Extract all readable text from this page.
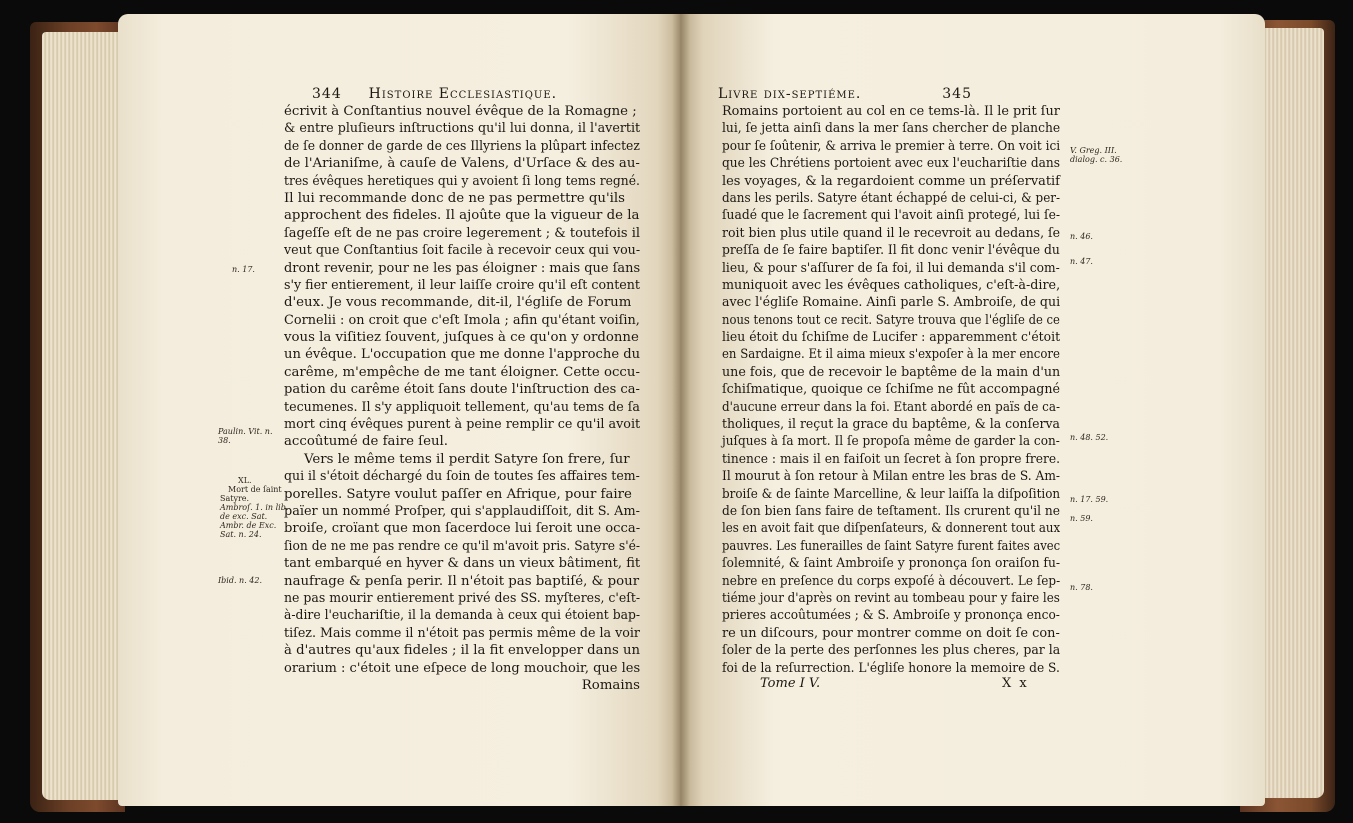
344 Histoire Ecclesiastique.	Livre dix-septiéme.	345
écrivit à Conſtantius nouvel évêque de la Romagne ;
& entre pluſieurs inſtructions qu'il lui donna, il l'avertit
de ſe donner de garde de ces Illyriens la plûpart infectez
de l'Arianiſme, à cauſe de Valens, d'Urſace & des au-
tres évêques heretiques qui y avoient ſi long tems regné.
Il lui recommande donc de ne pas permettre qu'ils
approchent des fideles. Il ajoûte que la vigueur de la
ſageſſe eſt de ne pas croire legerement ; & toutefois il
veut que Conſtantius ſoit facile à recevoir ceux qui vou-
dront revenir, pour ne les pas éloigner : mais que ſans
s'y fier entierement, il leur laiſſe croire qu'il eſt content
d'eux. Je vous recommande, dit-il, l'égliſe de Forum
Cornelii : on croit que c'eſt Imola ; afin qu'étant voiſin,
vous la viſitiez ſouvent, juſques à ce qu'on y ordonne
un évêque. L'occupation que me donne l'approche du
carême, m'empêche de me tant éloigner. Cette occu-
pation du carême étoit ſans doute l'inſtruction des ca-
tecumenes. Il s'y appliquoit tellement, qu'au tems de ſa
mort cinq évêques purent à peine remplir ce qu'il avoit
accoûtumé de faire ſeul.
Vers le même tems il perdit Satyre ſon frere, ſur
qui il s'étoit déchargé du ſoin de toutes ſes affaires tem-
porelles. Satyre voulut paſſer en Afrique, pour faire
païer un nommé Proſper, qui s'applaudiſſoit, dit S. Am-
broiſe, croïant que mon ſacerdoce lui ſeroit une occa-
ſion de ne me pas rendre ce qu'il m'avoit pris. Satyre s'é-
tant embarqué en hyver & dans un vieux bâtiment, fit
naufrage & penſa perir. Il n'étoit pas baptiſé, & pour
ne pas mourir entierement privé des SS. myſteres, c'eſt-
à-dire l'euchariſtie, il la demanda à ceux qui étoient bap-
tiſez. Mais comme il n'étoit pas permis même de la voir
à d'autres qu'aux fideles ; il la fit envelopper dans un
orarium : c'étoit une eſpece de long mouchoir, que les
Romains
n. 17.
Paulin. Vit. n.
38.
XL.
Mort de ſaint
Satyre.
Ambroſ. 1. in lib.
de exc. Sat.
Ambr. de Exc.
Sat. n. 24.
Ibid. n. 42.
Romains portoient au col en ce tems-là. Il le prit ſur
lui, ſe jetta ainſi dans la mer ſans chercher de planche
pour ſe ſoûtenir, & arriva le premier à terre. On voit ici
que les Chrétiens portoient avec eux l'euchariſtie dans
les voyages, & la regardoient comme un préſervatif
dans les perils. Satyre étant échappé de celui-ci, & per-
ſuadé que le ſacrement qui l'avoit ainſi protegé, lui ſe-
roit bien plus utile quand il le recevroit au dedans, ſe
preſſa de ſe faire baptiſer. Il fit donc venir l'évêque du
lieu, & pour s'aſſurer de ſa foi, il lui demanda s'il com-
muniquoit avec les évêques catholiques, c'eſt-à-dire,
avec l'égliſe Romaine. Ainſi parle S. Ambroiſe, de qui
nous tenons tout ce recit. Satyre trouva que l'égliſe de ce
lieu étoit du ſchiſme de Lucifer : apparemment c'étoit
en Sardaigne. Et il aima mieux s'expoſer à la mer encore
une fois, que de recevoir le baptême de la main d'un
ſchiſmatique, quoique ce ſchiſme ne fût accompagné
d'aucune erreur dans la foi. Etant abordé en païs de ca-
tholiques, il reçut la grace du baptême, & la conſerva
juſques à ſa mort. Il ſe propoſa même de garder la con-
tinence : mais il en faiſoit un ſecret à ſon propre frere.
Il mourut à ſon retour à Milan entre les bras de S. Am-
broiſe & de ſainte Marcelline, & leur laiſſa la diſpoſition
de ſon bien ſans faire de teſtament. Ils crurent qu'il ne
les en avoit fait que diſpenſateurs, & donnerent tout aux
pauvres. Les funerailles de ſaint Satyre furent faites avec
ſolemnité, & ſaint Ambroiſe y prononça ſon oraiſon fu-
nebre en preſence du corps expoſé à découvert. Le ſep-
tiéme jour d'après on revint au tombeau pour y faire les
prieres accoûtumées ; & S. Ambroiſe y prononça enco-
re un diſcours, pour montrer comme on doit ſe con-
ſoler de la perte des perſonnes les plus cheres, par la
foi de la reſurrection. L'égliſe honore la memoire de S.
V. Greg. III.
dialog. c. 36.
n. 46.
n. 47.
n. 48. 52.
n. 17. 59.
n. 59.
n. 78.
Tome I V.	X x
